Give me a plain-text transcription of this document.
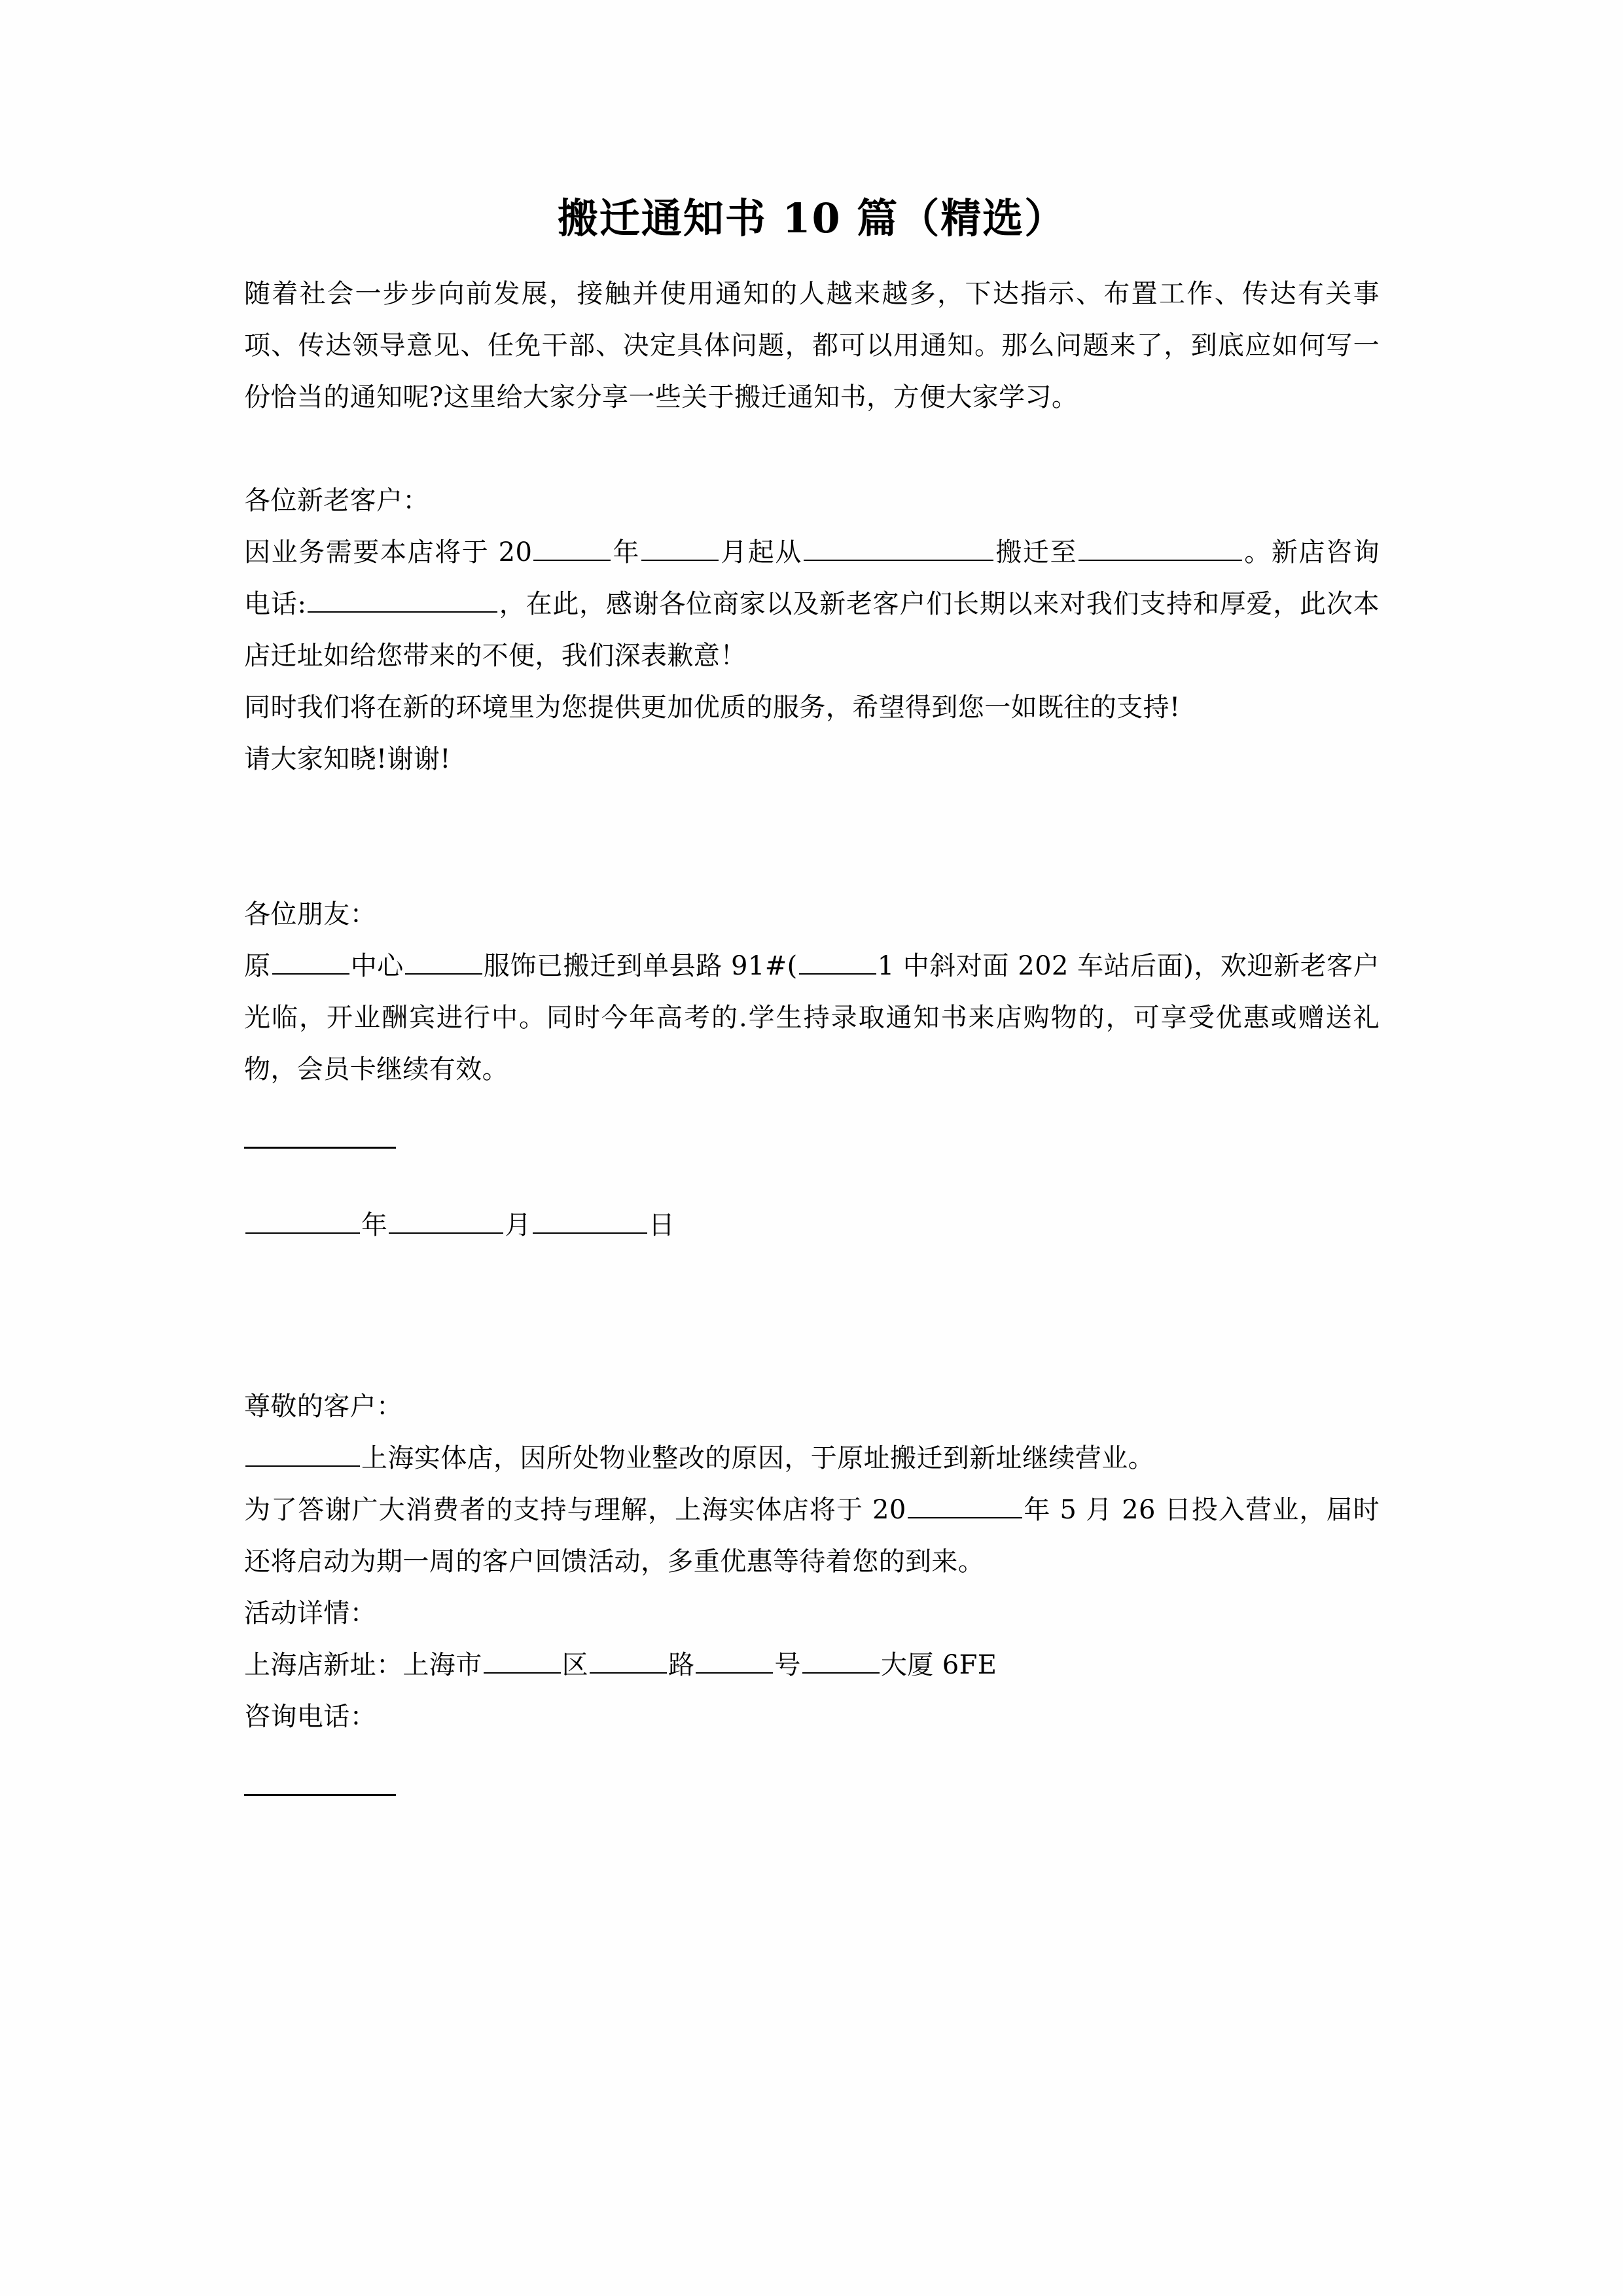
搬迁通知书 10 篇（精选）

随着社会一步步向前发展，接触并使用通知的人越来越多，下达指示、布置工作、传达有关事项、传达领导意见、任免干部、决定具体问题，都可以用通知。那么问题来了，到底应如何写一份恰当的通知呢?这里给大家分享一些关于搬迁通知书，方便大家学习。

各位新老客户：

因业务需要本店将于 20	年	月起从	搬迁至	。新店咨询电话:	，在此，感谢各位商家以及新老客户们长期以来对我们支持和厚爱，此次本店迁址如给您带来的不便，我们深表歉意！

同时我们将在新的环境里为您提供更加优质的服务，希望得到您一如既往的支持!

请大家知晓!谢谢!

各位朋友：

原	中心	服饰已搬迁到单县路 91#(	1 中斜对面 202 车站后面)，欢迎新老客户光临，开业酬宾进行中。同时今年高考的.学生持录取通知书来店购物的，可享受优惠或赠送礼物，会员卡继续有效。

年	月	日

尊敬的客户：

上海实体店，因所处物业整改的原因，于原址搬迁到新址继续营业。

为了答谢广大消费者的支持与理解，上海实体店将于 20	年 5 月 26 日投入营业，届时还将启动为期一周的客户回馈活动，多重优惠等待着您的到来。

活动详情：

上海店新址：上海市	区	路	号	大厦 6FE

咨询电话：
